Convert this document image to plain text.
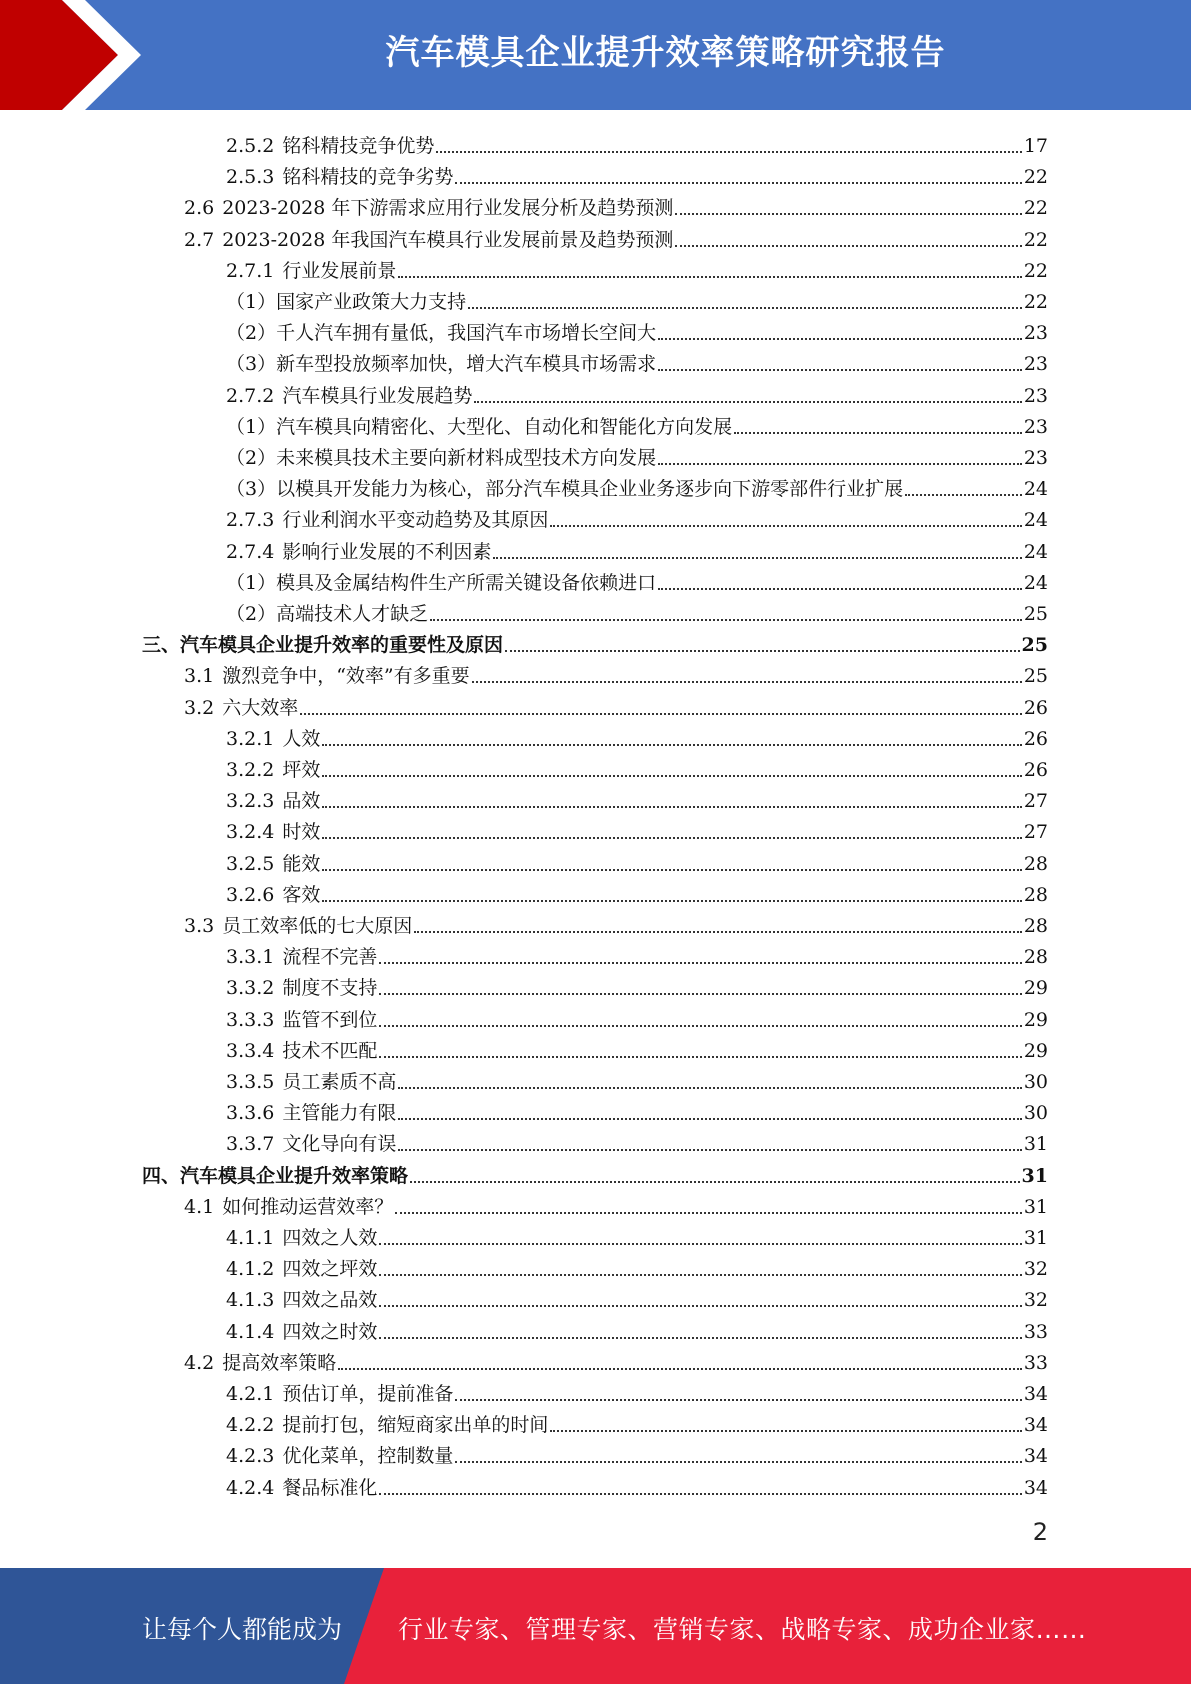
汽车模具企业提升效率策略研究报告
2.5.2 铭科精技竞争优势	17
2.5.3 铭科精技的竞争劣势	22
2.6 2023-2028 年下游需求应用行业发展分析及趋势预测	22
2.7 2023-2028 年我国汽车模具行业发展前景及趋势预测	22
2.7.1 行业发展前景	22
（1）国家产业政策大力支持	22
（2）千人汽车拥有量低，我国汽车市场增长空间大	23
（3）新车型投放频率加快，增大汽车模具市场需求	23
2.7.2 汽车模具行业发展趋势	23
（1）汽车模具向精密化、大型化、自动化和智能化方向发展	23
（2）未来模具技术主要向新材料成型技术方向发展	23
（3）以模具开发能力为核心，部分汽车模具企业业务逐步向下游零部件行业扩展	24
2.7.3 行业利润水平变动趋势及其原因	24
2.7.4 影响行业发展的不利因素	24
（1）模具及金属结构件生产所需关键设备依赖进口	24
（2）高端技术人才缺乏	25
三、汽车模具企业提升效率的重要性及原因	25
3.1 激烈竞争中，“效率”有多重要	25
3.2 六大效率	26
3.2.1 人效	26
3.2.2 坪效	26
3.2.3 品效	27
3.2.4 时效	27
3.2.5 能效	28
3.2.6 客效	28
3.3 员工效率低的七大原因	28
3.3.1 流程不完善	28
3.3.2 制度不支持	29
3.3.3 监管不到位	29
3.3.4 技术不匹配	29
3.3.5 员工素质不高	30
3.3.6 主管能力有限	30
3.3.7 文化导向有误	31
四、汽车模具企业提升效率策略	31
4.1 如何推动运营效率？	31
4.1.1 四效之人效	31
4.1.2 四效之坪效	32
4.1.3 四效之品效	32
4.1.4 四效之时效	33
4.2 提高效率策略	33
4.2.1 预估订单，提前准备	34
4.2.2 提前打包，缩短商家出单的时间	34
4.2.3 优化菜单，控制数量	34
4.2.4 餐品标准化	34
2
让每个人都能成为 行业专家、管理专家、营销专家、战略专家、成功企业家……
